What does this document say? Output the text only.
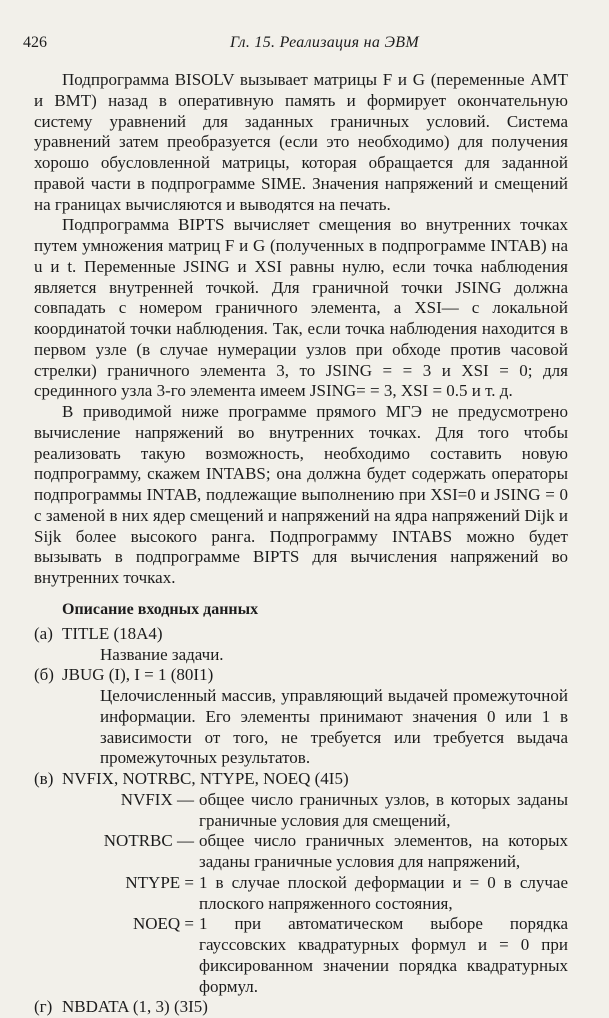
426	Гл. 15. Реализация на ЭВМ

Подпрограмма BISOLV вызывает матрицы F и G (переменные AMT и BMT) назад в оперативную память и формирует окончательную систему уравнений для заданных граничных условий. Система уравнений затем преобразуется (если это необходимо) для получения хорошо обусловленной матрицы, которая обращается для заданной правой части в подпрограмме SIME. Значения напряжений и смещений на границах вычисляются и выводятся на печать.

Подпрограмма BIPTS вычисляет смещения во внутренних точках путем умножения матриц F и G (полученных в подпрограмме INTAB) на u и t. Переменные JSING и XSI равны нулю, если точка наблюдения является внутренней точкой. Для граничной точки JSING должна совпадать с номером граничного элемента, а XSI— с локальной координатой точки наблюдения. Так, если точка наблюдения находится в первом узле (в случае нумерации узлов при обходе против часовой стрелки) граничного элемента 3, то JSING = = 3 и XSI = 0; для срединного узла 3-го элемента имеем JSING= = 3, XSI = 0.5 и т. д.

В приводимой ниже программе прямого МГЭ не предусмотрено вычисление напряжений во внутренних точках. Для того чтобы реализовать такую возможность, необходимо составить новую подпрограмму, скажем INTABS; она должна будет содержать операторы подпрограммы INTAB, подлежащие выполнению при XSI=0 и JSING = 0 с заменой в них ядер смещений и напряжений на ядра напряжений Dijk и Sijk более высокого ранга. Подпрограмму INTABS можно будет вызывать в подпрограмме BIPTS для вычисления напряжений во внутренних точках.

Описание входных данных
(а) TITLE (18A4)

Название задачи.

(б) JBUG (I), I = 1 (80I1)

Целочисленный массив, управляющий выдачей промежуточной информации. Его элементы принимают значения 0 или 1 в зависимости от того, не требуется или требуется выдача промежуточных результатов.

(в) NVFIX, NOTRBC, NTYPE, NOEQ (4I5)
NVFIX — общее число граничных узлов, в которых заданы граничные условия для смещений,
NOTRBC — общее число граничных элементов, на которых заданы граничные условия для напряжений,
NTYPE = 1 в случае плоской деформации и = 0 в случае плоского напряженного состояния,
NOEQ = 1 при автоматическом выборе порядка гауссовских квадратурных формул и = 0 при фиксированном значении порядка квадратурных формул.
(г) NBDATA (1, 3) (3I5)
